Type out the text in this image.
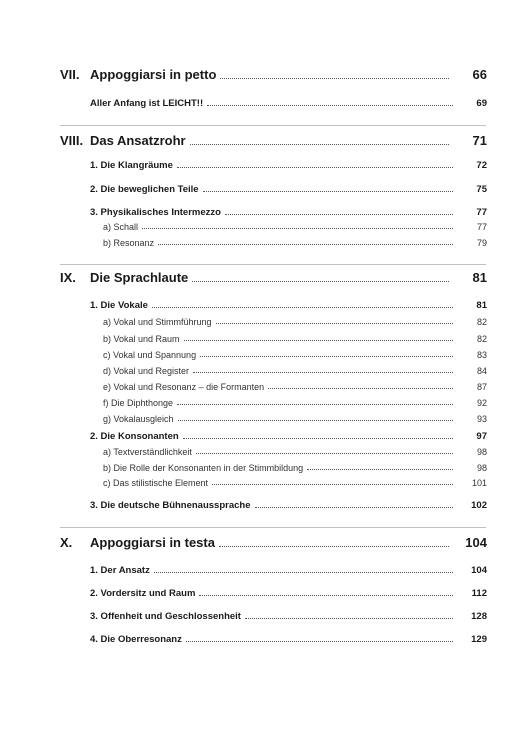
VII. Appoggiarsi in petto	66
Aller Anfang ist LEICHT!!	69
VIII. Das Ansatzrohr	71
1. Die Klangräume	72
2. Die beweglichen Teile	75
3. Physikalisches Intermezzo	77
a) Schall	77
b) Resonanz	79
IX. Die Sprachlaute	81
1. Die Vokale	81
a) Vokal und Stimmführung	82
b) Vokal und Raum	82
c) Vokal und Spannung	83
d) Vokal und Register	84
e) Vokal und Resonanz – die Formanten	87
f) Die Diphthonge	92
g) Vokalausgleich	93
2. Die Konsonanten	97
a) Textverständlichkeit	98
b) Die Rolle der Konsonanten in der Stimmbildung	98
c) Das stilistische Element	101
3. Die deutsche Bühnenaussprache	102
X. Appoggiarsi in testa	104
1. Der Ansatz	104
2. Vordersitz und Raum	112
3. Offenheit und Geschlossenheit	128
4. Die Oberresonanz	129
